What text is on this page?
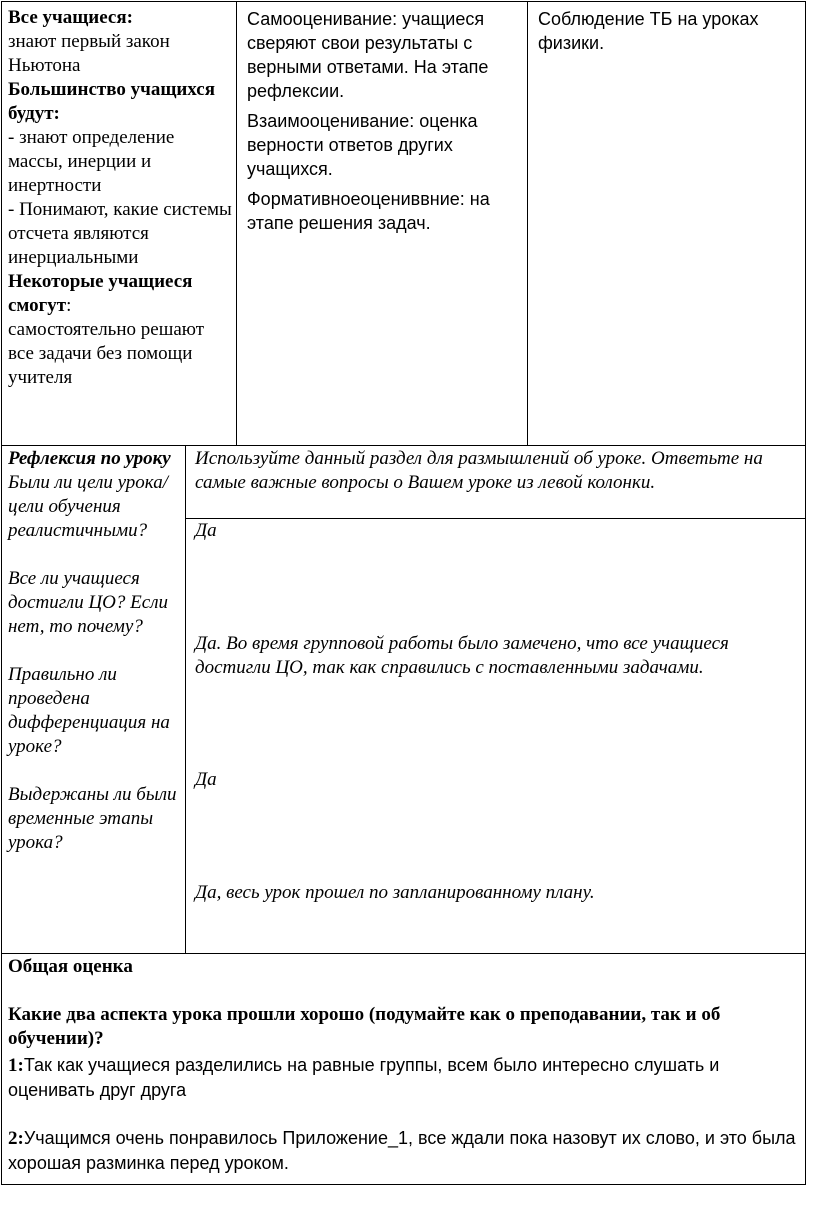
Все учащиеся:

знают первый закон Ньютона

Большинство учащихся будут:

- знают определение массы, инерции и инертности

- Понимают, какие системы отсчета являются инерциальными

Некоторые учащиеся смогут:

самостоятельно решают все задачи без помощи учителя

Самооценивание: учащиеся сверяют свои результаты с верными ответами. На этапе рефлексии.

Взаимооценивание: оценка верности ответов других учащихся.

Формативноеоцениввние: на этапе решения задач.

Соблюдение ТБ на уроках физики.

Рефлексия по уроку

Были ли цели урока/цели обучения реалистичными?

Все ли учащиеся достигли ЦО? Если нет, то почему?

Правильно ли проведена дифференциация на уроке?

Выдержаны ли были временные этапы урока?

Используйте данный раздел для размышлений об уроке. Ответьте на самые важные вопросы о Вашем уроке из левой колонки.

Да

Да. Во время групповой работы было замечено, что все учащиеся достигли ЦО, так как справились с поставленными задачами.

Да

Да, весь урок прошел по запланированному плану.

Общая оценка

Какие два аспекта урока прошли хорошо (подумайте как о преподавании, так и об обучении)?

1:Так как учащиеся разделились на равные группы, всем было интересно слушать и оценивать друг друга

2:Учащимся очень понравилось Приложение_1, все ждали пока назовут их слово, и это была хорошая разминка перед уроком.
